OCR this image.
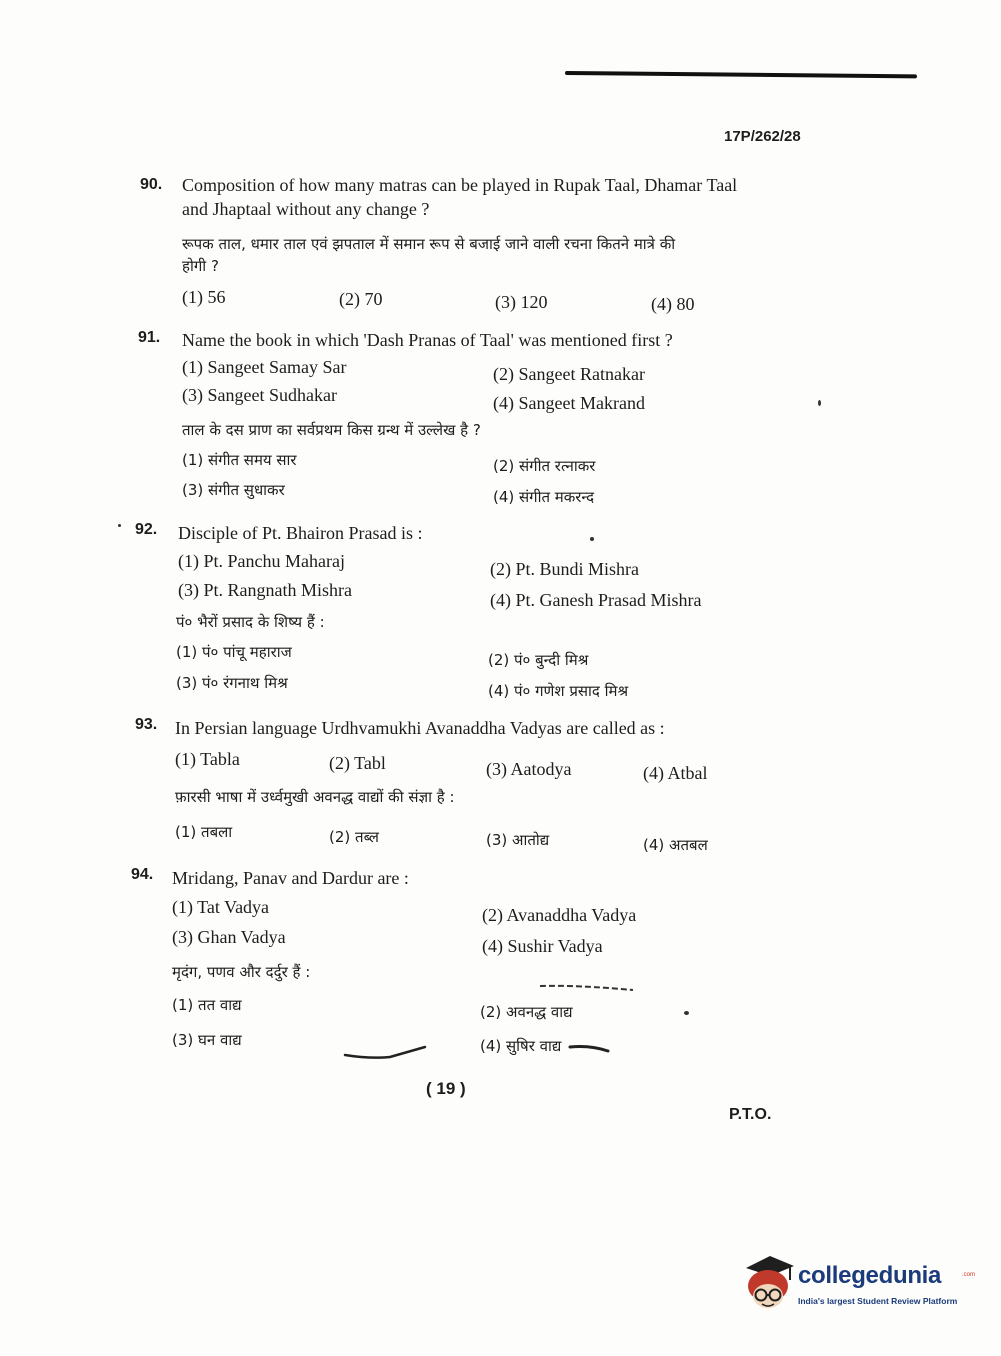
17P/262/28
90. Composition of how many matras can be played in Rupak Taal, Dhamar Taal
and Jhaptaal without any change ?
रूपक ताल, धमार ताल एवं झपताल में समान रूप से बजाई जाने वाली रचना कितने मात्रे की
होगी ?
(1) 56	(2) 70	(3) 120	(4) 80
91. Name the book in which 'Dash Pranas of Taal' was mentioned first ?
(1) Sangeet Samay Sar	(2) Sangeet Ratnakar
(3) Sangeet Sudhakar	(4) Sangeet Makrand
ताल के दस प्राण का सर्वप्रथम किस ग्रन्थ में उल्लेख है ?
(1) संगीत समय सार	(2) संगीत रत्नाकर
(3) संगीत सुधाकर	(4) संगीत मकरन्द
92. Disciple of Pt. Bhairon Prasad is :
(1) Pt. Panchu Maharaj	(2) Pt. Bundi Mishra
(3) Pt. Rangnath Mishra	(4) Pt. Ganesh Prasad Mishra
पं० भैरों प्रसाद के शिष्य हैं :
(1) पं० पांचू महाराज	(2) पं० बुन्दी मिश्र
(3) पं० रंगनाथ मिश्र	(4) पं० गणेश प्रसाद मिश्र
93. In Persian language Urdhvamukhi Avanaddha Vadyas are called as :
(1) Tabla	(2) Tabl	(3) Aatodya	(4) Atbal
फ़ारसी भाषा में उर्ध्वमुखी अवनद्ध वाद्यों की संज्ञा है :
(1) तबला	(2) तब्ल	(3) आतोद्य	(4) अतबल
94. Mridang, Panav and Dardur are :
(1) Tat Vadya	(2) Avanaddha Vadya
(3) Ghan Vadya	(4) Sushir Vadya
मृदंग, पणव और दर्दुर हैं :
(1) तत वाद्य	(2) अवनद्ध वाद्य
(3) घन वाद्य	(4) सुषिर वाद्य
( 19 )
P.T.O.
collegedunia	.com
India's largest Student Review Platform
